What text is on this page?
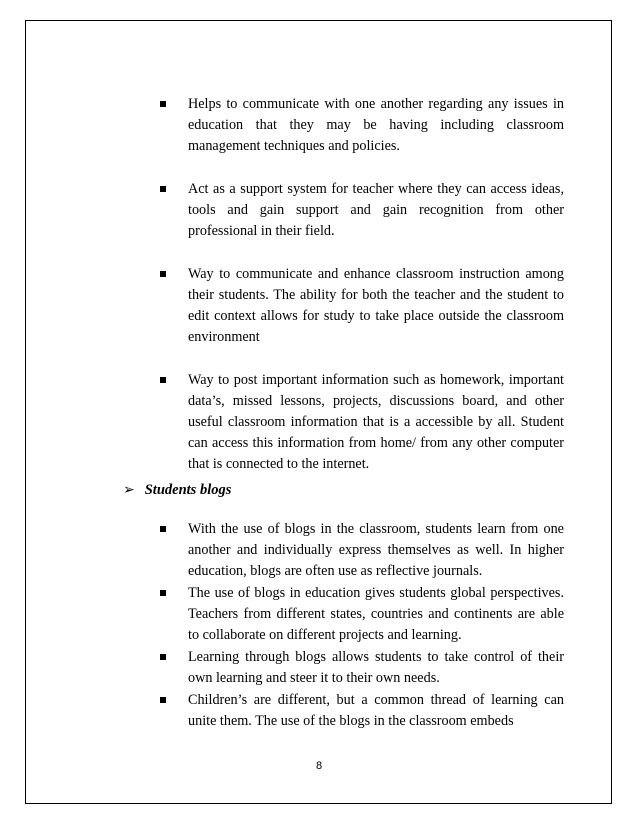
Helps to communicate with one another regarding any issues in education that they may be having including classroom management techniques and policies.
Act as a support system for teacher where they can access ideas, tools and gain support and gain recognition from other professional in their field.
Way to communicate and enhance classroom instruction among their students. The ability for both the teacher and the student to edit context allows for study to take place outside the classroom environment
Way to post important information such as homework, important data’s, missed lessons, projects, discussions board, and other useful classroom information that is a accessible by all. Student can access this information from home/ from any other computer that is connected to the internet.
➢ Students blogs
With the use of blogs in the classroom, students learn from one another and individually express themselves as well. In higher education, blogs are often use as reflective journals.
The use of blogs in education gives students global perspectives. Teachers from different states, countries and continents are able to collaborate on different projects and learning.
Learning through blogs allows students to take control of their own learning and steer it to their own needs.
Children’s are different, but a common thread of learning can unite them. The use of the blogs in the classroom embeds
8
